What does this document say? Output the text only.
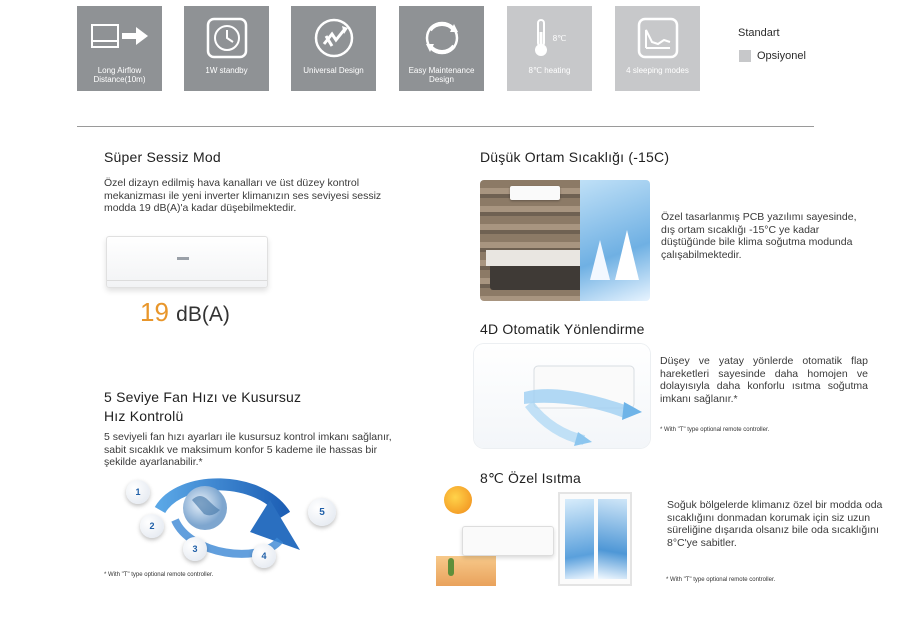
Long Airflow Distance(10m)
1W standby	Universal Design	Easy Maintenance Design
8℃
8℃ heating	4 sleeping modes
Standart
Opsiyonel
Süper Sessiz Mod
Özel dizayn edilmiş hava kanalları ve üst düzey kontrol mekanizması ile yeni inverter klimanızın ses seviyesi sessiz modda 19 dB(A)'a kadar düşebilmektedir.
19 dB(A)
5 Seviye Fan Hızı ve Kusursuz
Hız Kontrolü
5 seviyeli fan hızı ayarları ile kusursuz kontrol imkanı sağlanır, sabit sıcaklık ve maksimum konfor 5 kademe ile hassas bir şekilde ayarlanabilir.*
1
2
3
4
5
* With "T" type optional remote controller.
Düşük Ortam Sıcaklığı (-15C)
Özel tasarlanmış PCB yazılımı sayesinde, dış ortam sıcaklığı -15°C ye kadar düştüğünde bile klima soğutma modunda çalışabilmektedir.
4D Otomatik Yönlendirme
Düşey ve yatay yönlerde otomatik flap hareketleri sayesinde daha homojen ve dolayısıyla daha konforlu ısıtma soğutma imkanı sağlanır.*
* With "T" type optional remote controller.
8℃ Özel Isıtma
Soğuk bölgelerde klimanız özel bir modda oda sıcaklığını donmadan korumak için siz uzun süreliğine dışarıda olsanız bile oda sıcaklığını 8°C'ye sabitler.
* With "T" type optional remote controller.
